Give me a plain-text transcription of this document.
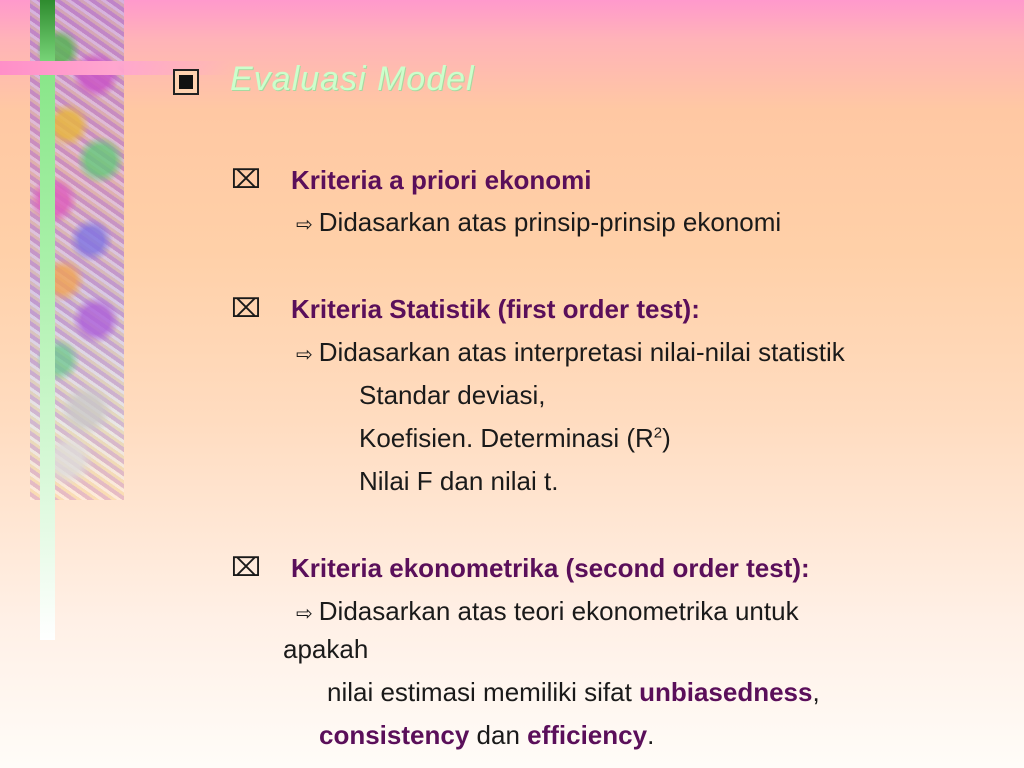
Evaluasi Model
⌧ Kriteria a priori ekonomi
⇨ Didasarkan atas prinsip-prinsip ekonomi
⌧ Kriteria Statistik (first order test):
⇨ Didasarkan atas interpretasi nilai-nilai statistik
Standar deviasi,
Koefisien. Determinasi $(R^2)$
Nilai F dan nilai t.
⌧ Kriteria ekonometrika (second order test):
⇨ Didasarkan atas teori ekonometrika untuk
apakah
nilai estimasi memiliki sifat unbiasedness,
consistency dan efficiency.
